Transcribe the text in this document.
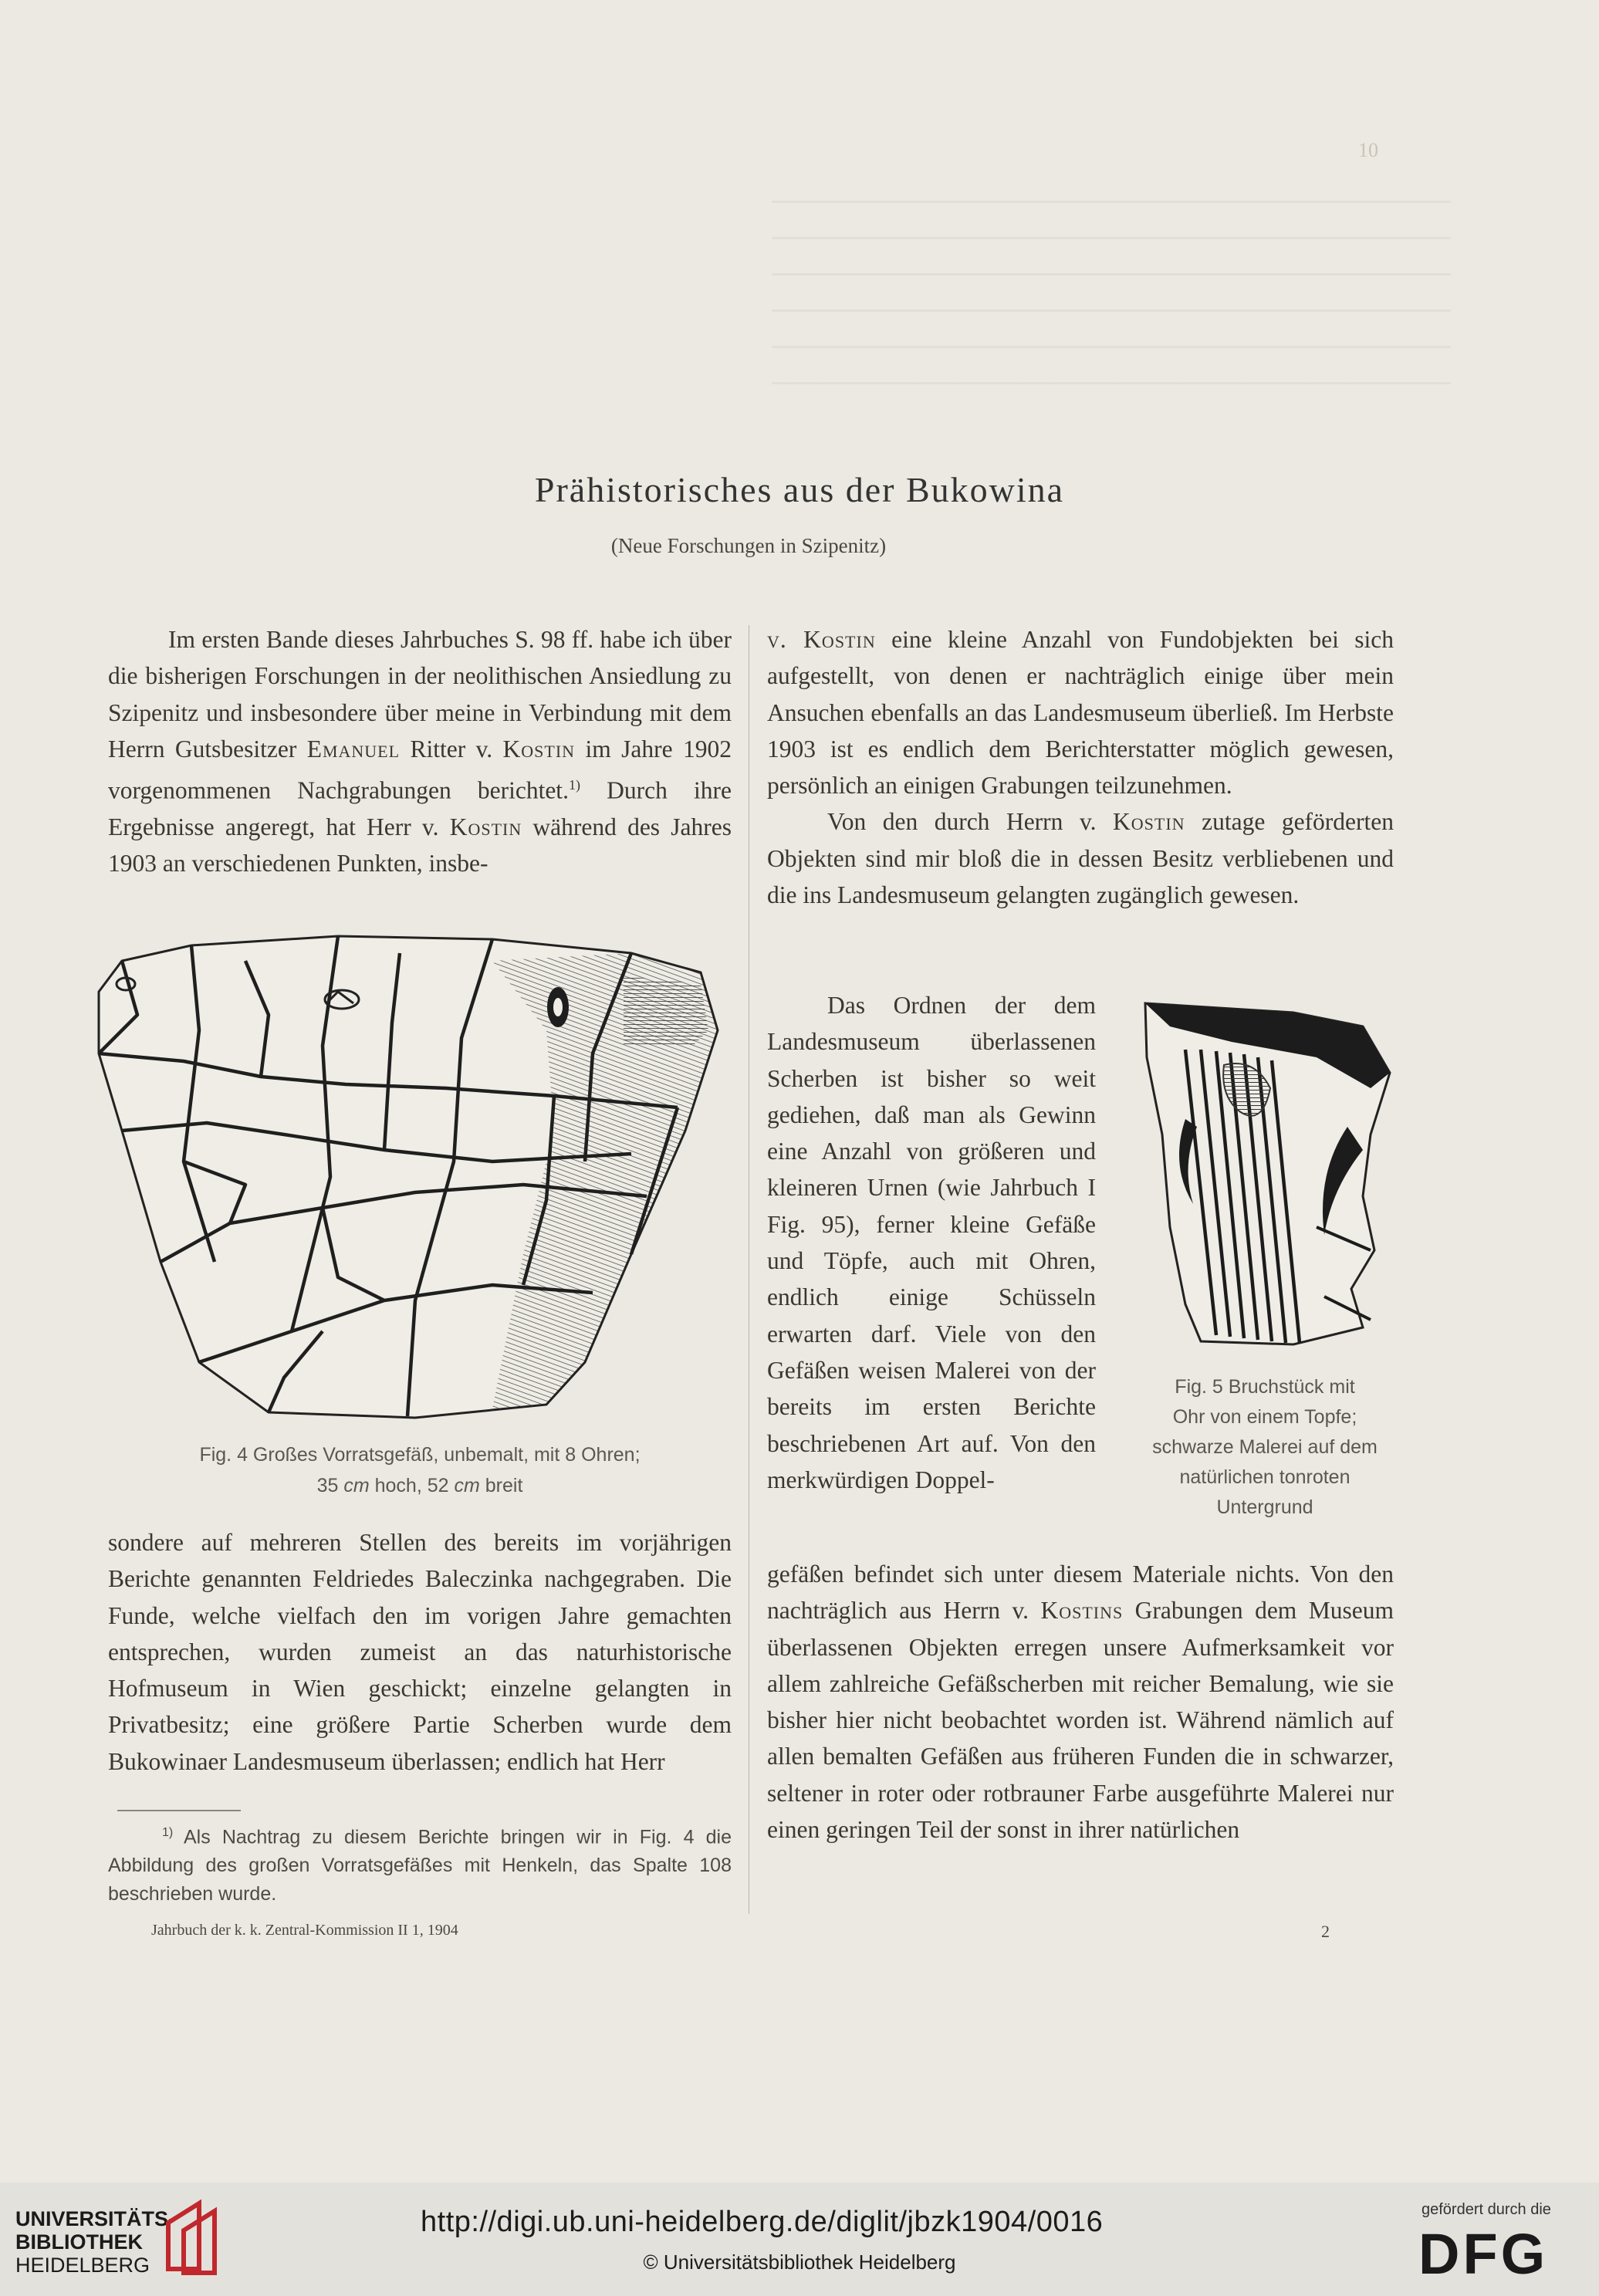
10
Prähistorisches aus der Bukowina
(Neue Forschungen in Szipenitz)

Im ersten Bande dieses Jahrbuches S. 98 ff. habe ich über die bisherigen Forschungen in der neolithischen Ansiedlung zu Szipenitz und insbesondere über meine in Verbindung mit dem Herrn Gutsbesitzer Emanuel Ritter v. Kostin im Jahre 1902 vorgenommenen Nachgrabungen berichtet.$^{1)}$ Durch ihre Ergebnisse angeregt, hat Herr v. Kostin während des Jahres 1903 an verschiedenen Punkten, insbe-

Fig. 4 Großes Vorratsgefäß, unbemalt, mit 8 Ohren;
35 cm hoch, 52 cm breit

sondere auf mehreren Stellen des bereits im vorjährigen Berichte genannten Feldriedes Baleczinka nachgegraben. Die Funde, welche vielfach den im vorigen Jahre gemachten entsprechen, wurden zumeist an das naturhistorische Hofmuseum in Wien geschickt; einzelne gelangten in Privatbesitz; eine größere Partie Scherben wurde dem Bukowinaer Landesmuseum überlassen; endlich hat Herr

$^{1)}$ Als Nachtrag zu diesem Berichte bringen wir in Fig. 4 die Abbildung des großen Vorratsgefäßes mit Henkeln, das Spalte 108 beschrieben wurde.

Jahrbuch der k. k. Zentral-Kommission II 1, 1904	2

v. Kostin eine kleine Anzahl von Fundobjekten bei sich aufgestellt, von denen er nachträglich einige über mein Ansuchen ebenfalls an das Landesmuseum überließ. Im Herbste 1903 ist es endlich dem Berichterstatter möglich gewesen, persönlich an einigen Grabungen teilzunehmen.

Von den durch Herrn v. Kostin zutage geförderten Objekten sind mir bloß die in dessen Besitz verbliebenen und die ins Landesmuseum gelangten zugänglich gewesen.

Das Ordnen der dem Landesmuseum überlassenen Scherben ist bisher so weit gediehen, daß man als Gewinn eine Anzahl von größeren und kleineren Urnen (wie Jahrbuch I Fig. 95), ferner kleine Gefäße und Töpfe, auch mit Ohren, endlich einige Schüsseln erwarten darf. Viele von den Gefäßen weisen Malerei von der bereits im ersten Berichte beschriebenen Art auf. Von den merkwürdigen Doppel-

Fig. 5 Bruchstück mit
Ohr von einem Topfe;
schwarze Malerei auf dem
natürlichen tonroten
Untergrund

gefäßen befindet sich unter diesem Materiale nichts. Von den nachträglich aus Herrn v. Kostins Grabungen dem Museum überlassenen Objekten erregen unsere Aufmerksamkeit vor allem zahlreiche Gefäßscherben mit reicher Bemalung, wie sie bisher hier nicht beobachtet worden ist. Während nämlich auf allen bemalten Gefäßen aus früheren Funden die in schwarzer, seltener in roter oder rotbrauner Farbe ausgeführte Malerei nur einen geringen Teil der sonst in ihrer natürlichen

UNIVERSITÄTS-
BIBLIOTHEK
HEIDELBERG
http://digi.ub.uni-heidelberg.de/diglit/jbzk1904/0016
© Universitätsbibliothek Heidelberg
gefördert durch die
DFG
